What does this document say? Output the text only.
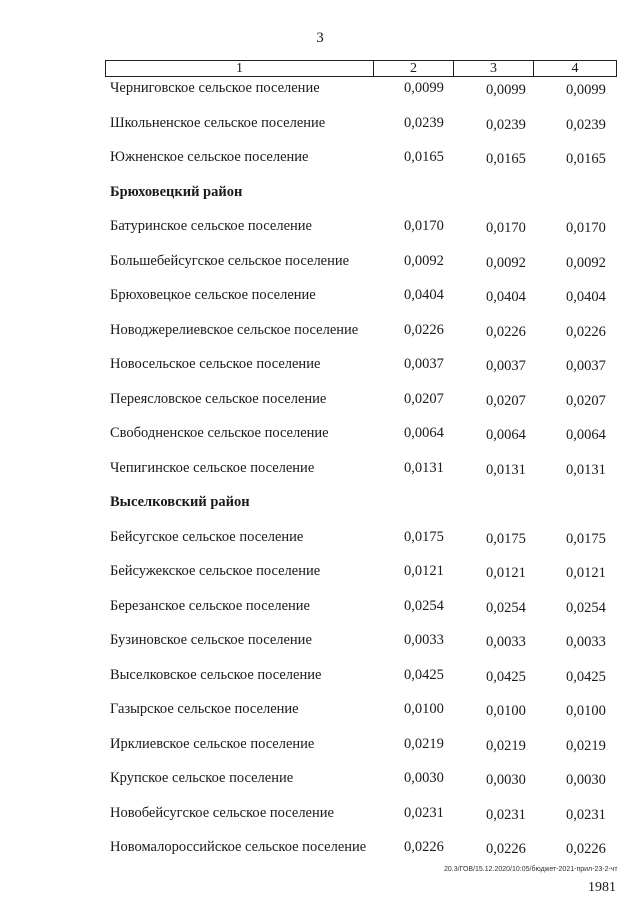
3
1	2	3	4
Черниговское сельское поселение	0,0099	0,0099	0,0099
Школьненское сельское поселение	0,0239	0,0239	0,0239
Южненское сельское поселение	0,0165	0,0165	0,0165
Брюховецкий район
Батуринское сельское поселение	0,0170	0,0170	0,0170
Большебейсугское сельское поселение	0,0092	0,0092	0,0092
Брюховецкое сельское поселение	0,0404	0,0404	0,0404
Новоджерелиевское сельское поселение	0,0226	0,0226	0,0226
Новосельское сельское поселение	0,0037	0,0037	0,0037
Переясловское сельское поселение	0,0207	0,0207	0,0207
Свободненское сельское поселение	0,0064	0,0064	0,0064
Чепигинское сельское поселение	0,0131	0,0131	0,0131
Выселковский район
Бейсугское сельское поселение	0,0175	0,0175	0,0175
Бейсужекское сельское поселение	0,0121	0,0121	0,0121
Березанское сельское поселение	0,0254	0,0254	0,0254
Бузиновское сельское поселение	0,0033	0,0033	0,0033
Выселковское сельское поселение	0,0425	0,0425	0,0425
Газырское сельское поселение	0,0100	0,0100	0,0100
Ирклиевское сельское поселение	0,0219	0,0219	0,0219
Крупское сельское поселение	0,0030	0,0030	0,0030
Новобейсугское сельское поселение	0,0231	0,0231	0,0231
Новомалороссийское сельское поселение	0,0226	0,0226	0,0226
20.3/ГОВ/15.12.2020/10:05/бюджет-2021-прил-23-2-чт
1981
